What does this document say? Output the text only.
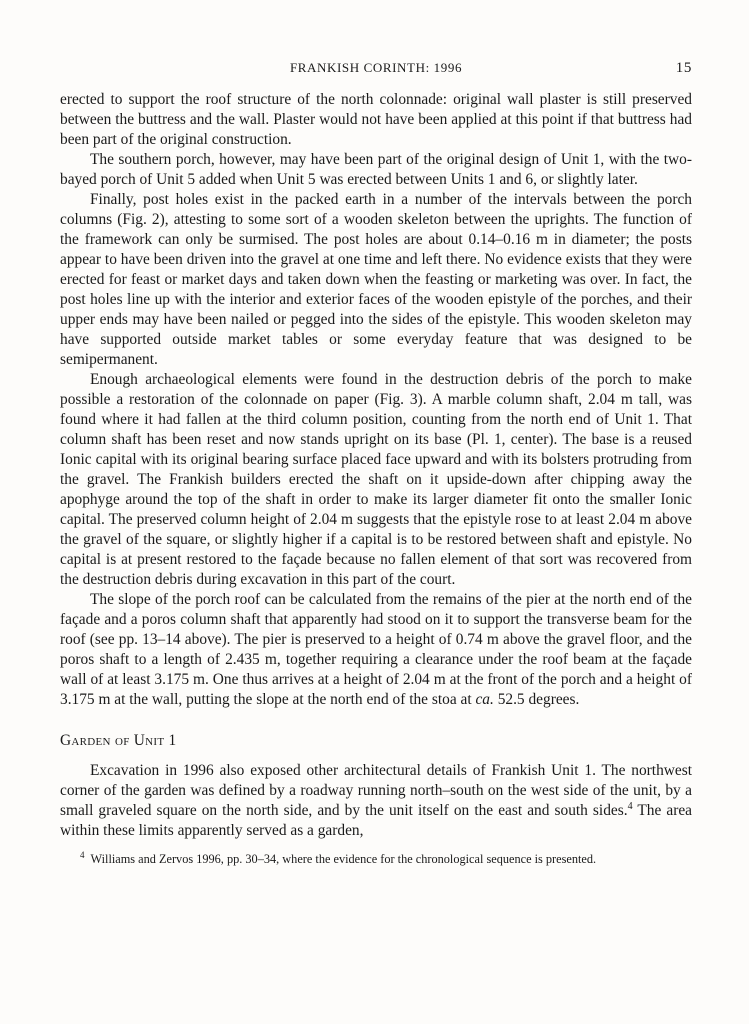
FRANKISH CORINTH: 1996	15

erected to support the roof structure of the north colonnade: original wall plaster is still preserved between the buttress and the wall. Plaster would not have been applied at this point if that buttress had been part of the original construction.

The southern porch, however, may have been part of the original design of Unit 1, with the two-bayed porch of Unit 5 added when Unit 5 was erected between Units 1 and 6, or slightly later.

Finally, post holes exist in the packed earth in a number of the intervals between the porch columns (Fig. 2), attesting to some sort of a wooden skeleton between the uprights. The function of the framework can only be surmised. The post holes are about 0.14–0.16 m in diameter; the posts appear to have been driven into the gravel at one time and left there. No evidence exists that they were erected for feast or market days and taken down when the feasting or marketing was over. In fact, the post holes line up with the interior and exterior faces of the wooden epistyle of the porches, and their upper ends may have been nailed or pegged into the sides of the epistyle. This wooden skeleton may have supported outside market tables or some everyday feature that was designed to be semipermanent.

Enough archaeological elements were found in the destruction debris of the porch to make possible a restoration of the colonnade on paper (Fig. 3). A marble column shaft, 2.04 m tall, was found where it had fallen at the third column position, counting from the north end of Unit 1. That column shaft has been reset and now stands upright on its base (Pl. 1, center). The base is a reused Ionic capital with its original bearing surface placed face upward and with its bolsters protruding from the gravel. The Frankish builders erected the shaft on it upside-down after chipping away the apophyge around the top of the shaft in order to make its larger diameter fit onto the smaller Ionic capital. The preserved column height of 2.04 m suggests that the epistyle rose to at least 2.04 m above the gravel of the square, or slightly higher if a capital is to be restored between shaft and epistyle. No capital is at present restored to the façade because no fallen element of that sort was recovered from the destruction debris during excavation in this part of the court.

The slope of the porch roof can be calculated from the remains of the pier at the north end of the façade and a poros column shaft that apparently had stood on it to support the transverse beam for the roof (see pp. 13–14 above). The pier is preserved to a height of 0.74 m above the gravel floor, and the poros shaft to a length of 2.435 m, together requiring a clearance under the roof beam at the façade wall of at least 3.175 m. One thus arrives at a height of 2.04 m at the front of the porch and a height of 3.175 m at the wall, putting the slope at the north end of the stoa at ca. 52.5 degrees.

Garden of Unit 1

Excavation in 1996 also exposed other architectural details of Frankish Unit 1. The northwest corner of the garden was defined by a roadway running north–south on the west side of the unit, by a small graveled square on the north side, and by the unit itself on the east and south sides.$^4$ The area within these limits apparently served as a garden,

$^4$ Williams and Zervos 1996, pp. 30–34, where the evidence for the chronological sequence is presented.
